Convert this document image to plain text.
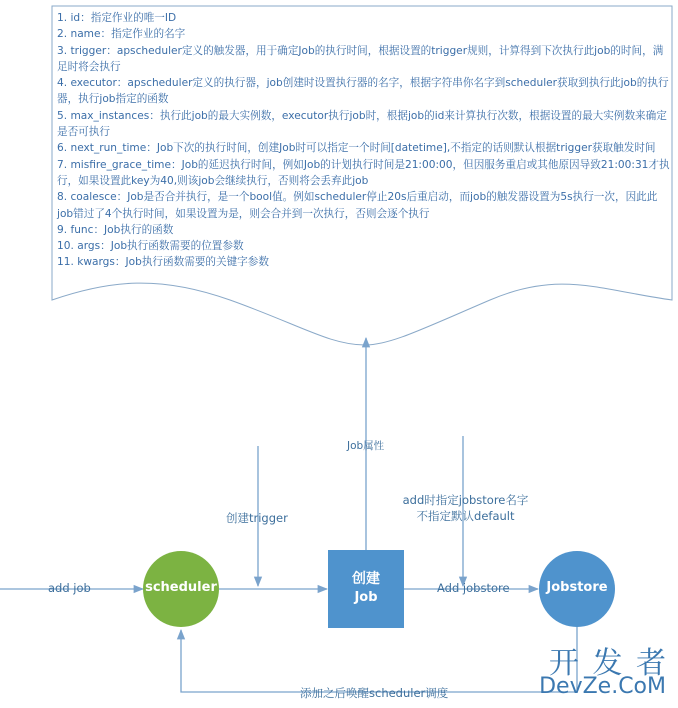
1. id：指定作业的唯一ID
2. name：指定作业的名字
3. trigger：apscheduler定义的触发器，用于确定Job的执行时间，根据设置的trigger规则，计算得到下次执行此job的时间，满足时将会执行
4. executor：apscheduler定义的执行器，job创建时设置执行器的名字，根据字符串你名字到scheduler获取到执行此job的执行器，执行job指定的函数
5. max_instances：执行此job的最大实例数，executor执行job时，根据job的id来计算执行次数，根据设置的最大实例数来确定是否可执行
6. next_run_time：Job下次的执行时间，创建Job时可以指定一个时间[datetime],不指定的话则默认根据trigger获取触发时间
7. misfire_grace_time：Job的延迟执行时间，例如Job的计划执行时间是21:00:00，但因服务重启或其他原因导致21:00:31才执行，如果设置此key为40,则该job会继续执行，否则将会丢弃此job
8. coalesce：Job是否合并执行，是一个bool值。例如scheduler停止20s后重启动，而job的触发器设置为5s执行一次，因此此job错过了4个执行时间，如果设置为是，则会合并到一次执行，否则会逐个执行
9. func：Job执行的函数
10. args：Job执行函数需要的位置参数
11. kwargs：Job执行函数需要的关键字参数
add job
创建trigger
Job属性
add时指定jobstore名字
不指定默认default
Add jobstore
添加之后唤醒scheduler调度
scheduler
创建
Job
Jobstore
开 发 者
DevZe.CoM
